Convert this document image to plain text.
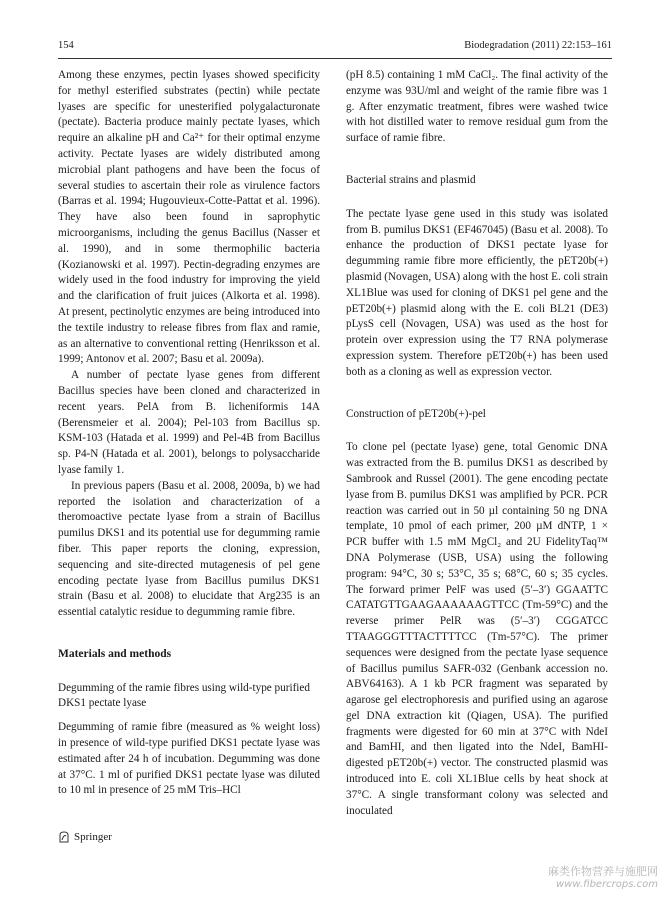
154	Biodegradation (2011) 22:153–161

Among these enzymes, pectin lyases showed specificity for methyl esterified substrates (pectin) while pectate lyases are specific for unesterified polygalacturonate (pectate). Bacteria produce mainly pectate lyases, which require an alkaline pH and Ca²⁺ for their optimal enzyme activity. Pectate lyases are widely distributed among microbial plant pathogens and have been the focus of several studies to ascertain their role as virulence factors (Barras et al. 1994; Hugouvieux-Cotte-Pattat et al. 1996). They have also been found in saprophytic microorganisms, including the genus Bacillus (Nasser et al. 1990), and in some thermophilic bacteria (Kozianowski et al. 1997). Pectin-degrading enzymes are widely used in the food industry for improving the yield and the clarification of fruit juices (Alkorta et al. 1998). At present, pectinolytic enzymes are being introduced into the textile industry to release fibres from flax and ramie, as an alternative to conventional retting (Henriksson et al. 1999; Antonov et al. 2007; Basu et al. 2009a).

A number of pectate lyase genes from different Bacillus species have been cloned and characterized in recent years. PelA from B. licheniformis 14A (Berensmeier et al. 2004); Pel-103 from Bacillus sp. KSM-103 (Hatada et al. 1999) and Pel-4B from Bacillus sp. P4-N (Hatada et al. 2001), belongs to polysaccharide lyase family 1.

In previous papers (Basu et al. 2008, 2009a, b) we had reported the isolation and characterization of a theromoactive pectate lyase from a strain of Bacillus pumilus DKS1 and its potential use for degumming ramie fiber. This paper reports the cloning, expression, sequencing and site-directed mutagenesis of pel gene encoding pectate lyase from Bacillus pumilus DKS1 strain (Basu et al. 2008) to elucidate that Arg235 is an essential catalytic residue to degumming ramie fibre.

Materials and methods

Degumming of the ramie fibres using wild-type purified DKS1 pectate lyase

Degumming of ramie fibre (measured as % weight loss) in presence of wild-type purified DKS1 pectate lyase was estimated after 24 h of incubation. Degumming was done at 37°C. 1 ml of purified DKS1 pectate lyase was diluted to 10 ml in presence of 25 mM Tris–HCl

(pH 8.5) containing 1 mM CaCl₂. The final activity of the enzyme was 93U/ml and weight of the ramie fibre was 1 g. After enzymatic treatment, fibres were washed twice with hot distilled water to remove residual gum from the surface of ramie fibre.

Bacterial strains and plasmid

The pectate lyase gene used in this study was isolated from B. pumilus DKS1 (EF467045) (Basu et al. 2008). To enhance the production of DKS1 pectate lyase for degumming ramie fibre more efficiently, the pET20b(+) plasmid (Novagen, USA) along with the host E. coli strain XL1Blue was used for cloning of DKS1 pel gene and the pET20b(+) plasmid along with the E. coli BL21 (DE3) pLysS cell (Novagen, USA) was used as the host for protein over expression using the T7 RNA polymerase expression system. Therefore pET20b(+) has been used both as a cloning as well as expression vector.

Construction of pET20b(+)-pel

To clone pel (pectate lyase) gene, total Genomic DNA was extracted from the B. pumilus DKS1 as described by Sambrook and Russel (2001). The gene encoding pectate lyase from B. pumilus DKS1 was amplified by PCR. PCR reaction was carried out in 50 µl containing 50 ng DNA template, 10 pmol of each primer, 200 µM dNTP, 1 × PCR buffer with 1.5 mM MgCl₂ and 2U FidelityTaq™ DNA Polymerase (USB, USA) using the following program: 94°C, 30 s; 53°C, 35 s; 68°C, 60 s; 35 cycles. The forward primer PelF was used (5′–3′) GGAATTC CATATGTTGAAGAAAAAAGTTCC (Tm-59°C) and the reverse primer PelR was (5′–3′) CGGATCC TTAAGGGTTTACTTTTCC (Tm-57°C). The primer sequences were designed from the pectate lyase sequence of Bacillus pumilus SAFR-032 (Genbank accession no. ABV64163). A 1 kb PCR fragment was separated by agarose gel electrophoresis and purified using an agarose gel DNA extraction kit (Qiagen, USA). The purified fragments were digested for 60 min at 37°C with NdeI and BamHI, and then ligated into the NdeI, BamHI-digested pET20b(+) vector. The constructed plasmid was introduced into E. coli XL1Blue cells by heat shock at 37°C. A single transformant colony was selected and inoculated

Springer
麻类作物营养与施肥网
www.fibercrops.com
